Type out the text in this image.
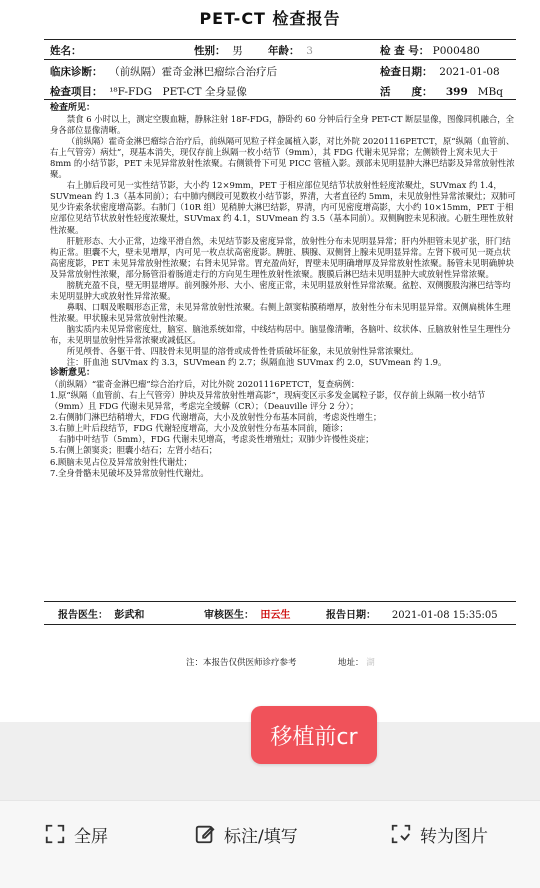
PET-CT 检查报告
姓名：	性别： 男 年龄： 3	检 查 号： P000480
临床诊断： （前纵隔）霍奇金淋巴瘤综合治疗后	检查日期： 2021-01-08
检查项目： ¹⁸F-FDG　PET-CT 全身显像	活　　度： 399 MBq

检查所见：

禁食 6 小时以上，测定空腹血糖，静脉注射 18F-FDG，静卧约 60 分钟后行全身 PET-CT 断层显像，图像同机融合，全身各部位显像清晰。

（前纵隔）霍奇金淋巴瘤综合治疗后，前纵隔可见粒子样金属植入影，对比外院 20201116PETCT，原“纵隔（血管前、右上气管旁）病灶”，现基本消失，现仅存前上纵隔一枚小结节（9mm），其 FDG 代谢未见异常；左侧锁骨上窝未见大于 8mm 的小结节影，PET 未见异常放射性浓聚。右侧锁骨下可见 PICC 管植入影。颈部未见明显肿大淋巴结影及异常放射性浓聚。

右上肺后段可见一实性结节影，大小约 12×9mm，PET 于相应部位见结节状放射性轻度浓聚灶，SUVmax 约 1.4，SUVmean 约 1.3（基本同前）；右中肺内侧段可见数枚小结节影，界清，大者直径约 5mm，未见放射性异常浓聚灶；双肺可见少许索条状密度增高影。右肺门（10R 组）见稍肿大淋巴结影，界清，内可见密度增高影，大小约 10×15mm，PET 于相应部位见结节状放射性轻度浓聚灶，SUVmax 约 4.1，SUVmean 约 3.5（基本同前）。双侧胸腔未见积液。心脏生理性放射性浓聚。

肝脏形态、大小正常，边缘平滑自然，未见结节影及密度异常，放射性分布未见明显异常；肝内外胆管未见扩张，肝门结构正常。胆囊不大，壁未见增厚，内可见一枚点状高密度影。脾脏、胰腺、双侧肾上腺未见明显异常。左肾下极可见一斑点状高密度影，PET 未见异常放射性浓聚；右肾未见异常。胃充盈尚好，胃壁未见明确增厚及异常放射性浓聚。肠管未见明确肿块及异常放射性浓聚，部分肠管沿着肠道走行的方向见生理性放射性浓聚。腹膜后淋巴结未见明显肿大或放射性异常浓聚。

膀胱充盈不良，壁无明显增厚。前列腺外形、大小、密度正常，未见明显放射性异常浓聚。盆腔、双侧腹股沟淋巴结等均未见明显肿大或放射性异常浓聚。

鼻咽、口咽及喉咽形态正常，未见异常放射性浓聚。右侧上颌窦粘膜稍增厚，放射性分布未见明显异常。双侧扁桃体生理性浓聚。甲状腺未见异常放射性浓聚。

脑实质内未见异常密度灶，脑室、脑池系统如常，中线结构居中。脑显像清晰，各脑叶、纹状体、丘脑放射性呈生理性分布，未见明显放射性异常浓聚或减低区。

所见颅骨、各躯干骨、四肢骨未见明显的溶骨或成骨性骨质破坏征象，未见放射性异常浓聚灶。

注：肝血池 SUVmax 约 3.3，SUVmean 约 2.7；纵隔血池 SUVmax 约 2.0，SUVmean 约 1.9。

诊断意见：

（前纵隔）“霍奇金淋巴瘤”综合治疗后，对比外院 20201116PETCT，复查病例：

1.原“纵隔（血管前、右上气管旁）肿块及异常放射性增高影”，现病变区示多发金属粒子影，仅存前上纵隔一枚小结节（9mm）且 FDG 代谢未见异常，考虑完全缓解（CR）；（Deauville 评分 2 分）；

2.右侧肺门淋巴结稍增大，FDG 代谢增高，大小及放射性分布基本同前，考虑炎性增生；

3.右肺上叶后段结节，FDG 代谢轻度增高，大小及放射性分布基本同前，随诊；

　右肺中叶结节（5mm），FDG 代谢未见增高，考虑炎性增殖灶；双肺少许慢性炎症；

5.右侧上颌窦炎；胆囊小结石；左肾小结石；

6.顾脑未见占位及异常放射性代谢灶；

7.全身骨骼未见破坏及异常放射性代谢灶。

报告医生： 彭武和	审核医生： 田云生	报告日期： 2021-01-08 15:35:05
注：本报告仅供医师诊疗参考	地址： 湖
移植前cr
全屏	标注/填写	转为图片
